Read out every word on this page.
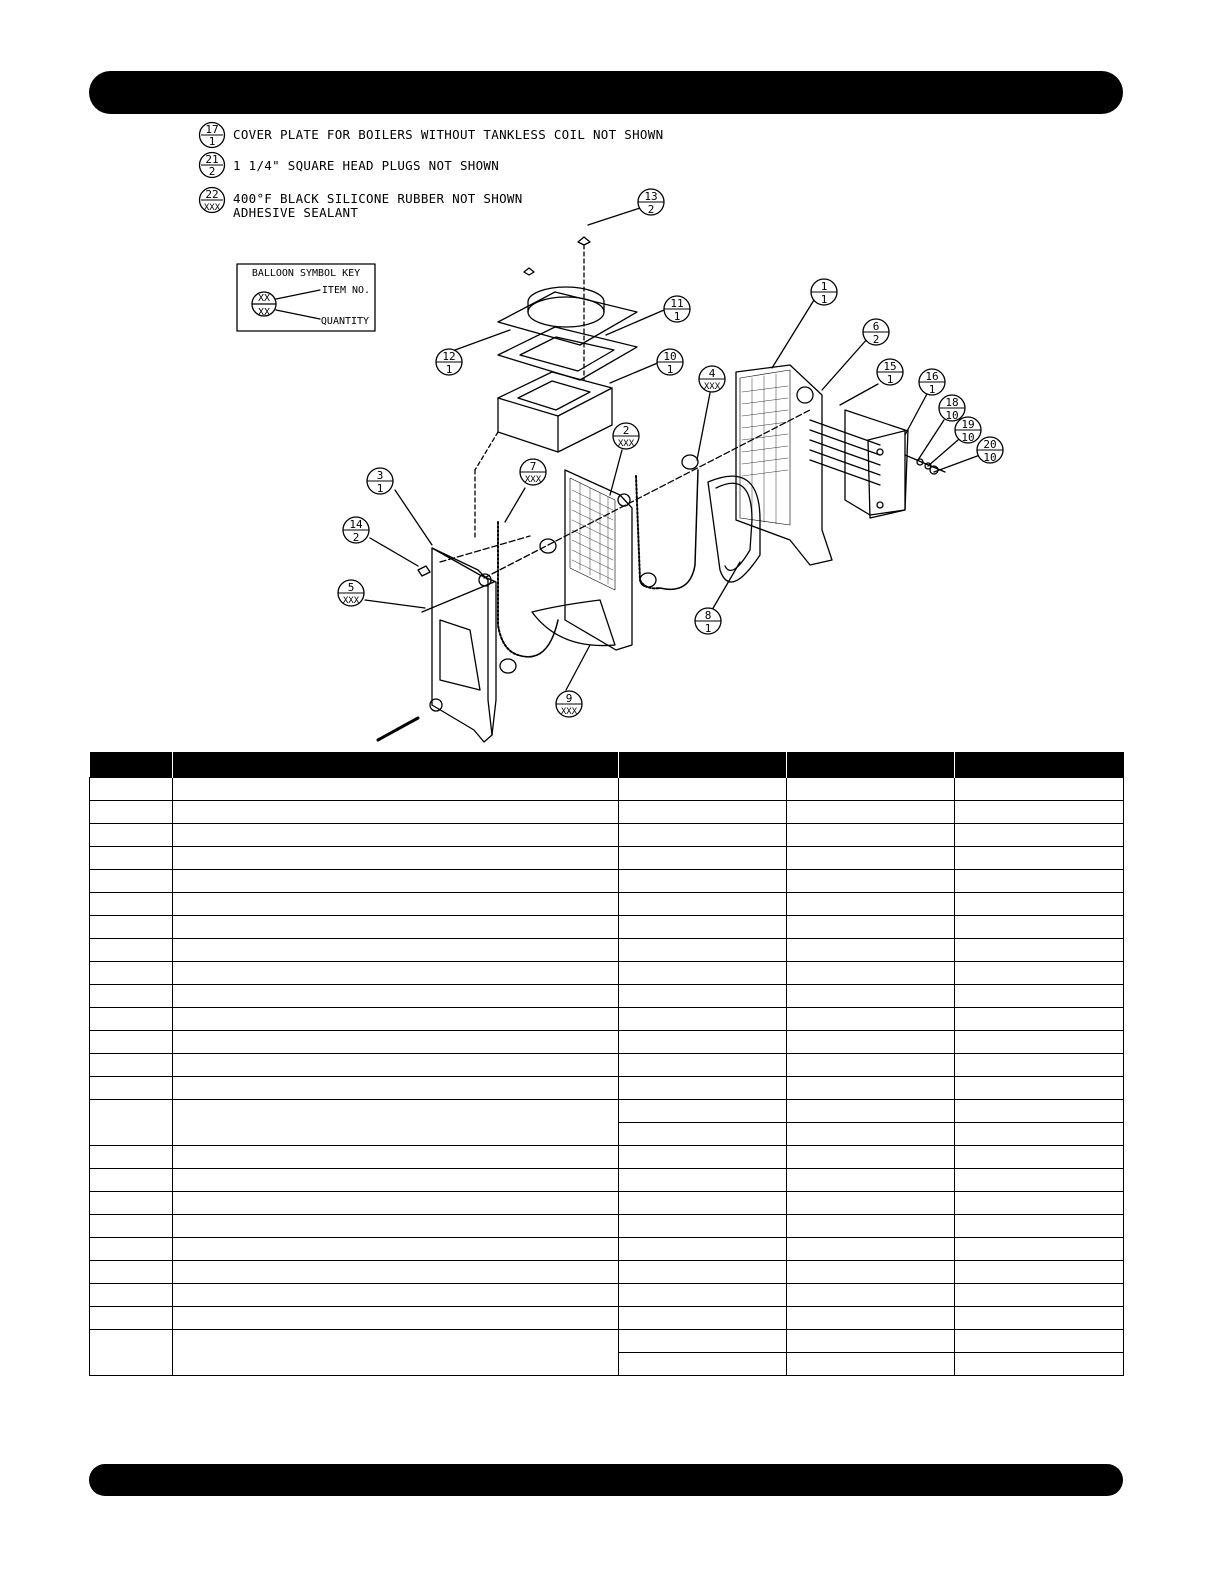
17
1 COVER PLATE FOR BOILERS WITHOUT TANKLESS COIL NOT SHOWN
21
2 1 1/4" SQUARE HEAD PLUGS NOT SHOWN
22
XXX
400°F BLACK SILICONE RUBBER NOT SHOWN
ADHESIVE SEALANT
13
2
11
1
12
1
10
1
1
1
6
2
15
1	16
1
18
10
19
10
20
10
4
XXX
2
XXX
7
XXX
3
1
14
2
5
XXX
8
1
9
XXX
BALLOON SYMBOL KEY
XX
XX
ITEM NO.
QUANTITY
